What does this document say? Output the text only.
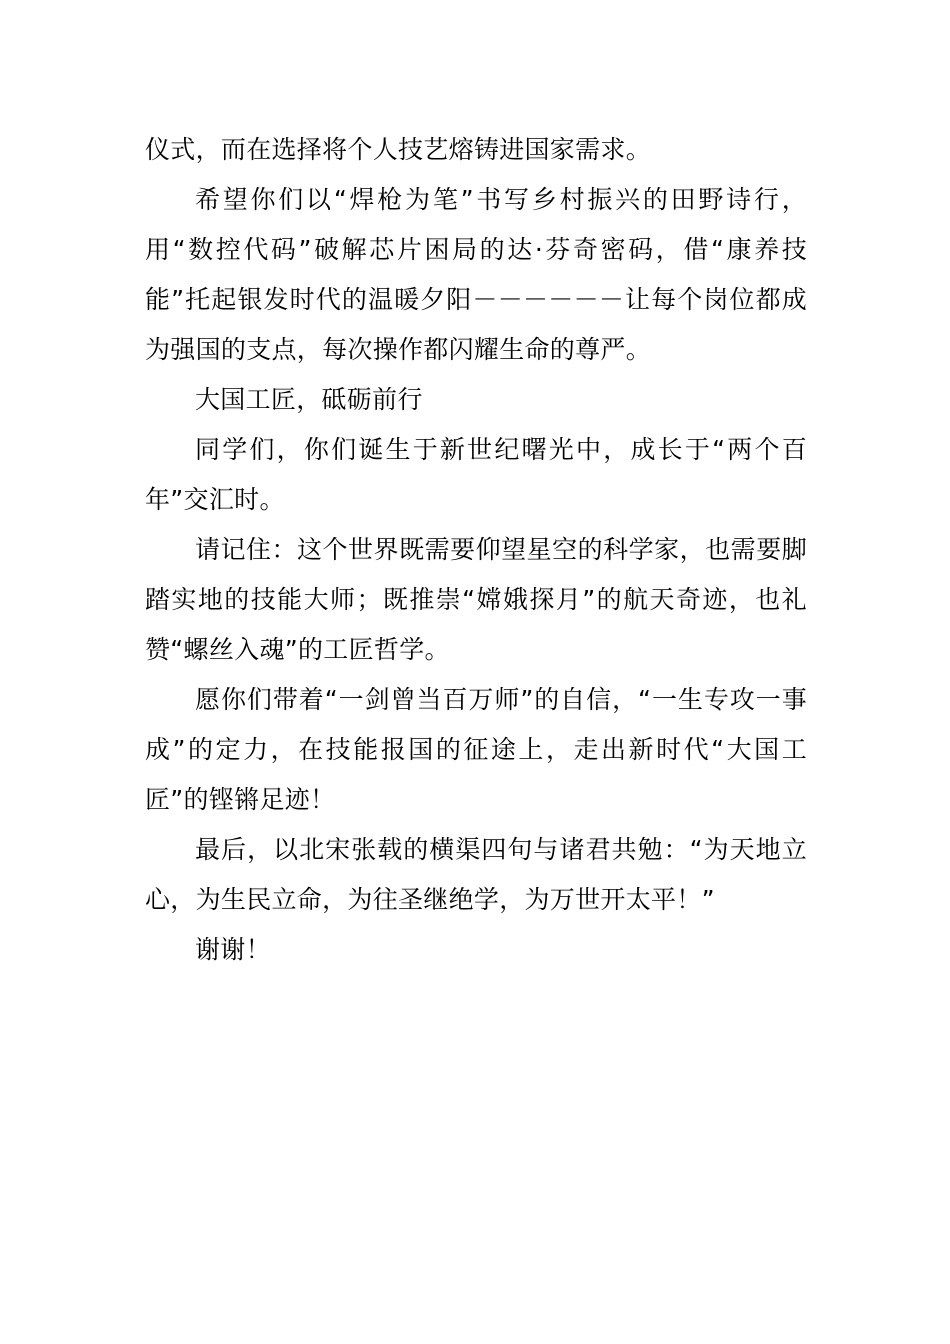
仪式，而在选择将个人技艺熔铸进国家需求。

希望你们以“焊枪为笔”书写乡村振兴的田野诗行，用“数控代码”破解芯片困局的达·芬奇密码，借“康养技能”托起银发时代的温暖夕阳－－－－－－让每个岗位都成为强国的支点，每次操作都闪耀生命的尊严。

大国工匠，砥砺前行

同学们，你们诞生于新世纪曙光中，成长于“两个百年”交汇时。

请记住：这个世界既需要仰望星空的科学家，也需要脚踏实地的技能大师；既推崇“嫦娥探月”的航天奇迹，也礼赞“螺丝入魂”的工匠哲学。

愿你们带着“一剑曾当百万师”的自信，“一生专攻一事成”的定力，在技能报国的征途上，走出新时代“大国工匠”的铿锵足迹！

最后，以北宋张载的横渠四句与诸君共勉：“为天地立心，为生民立命，为往圣继绝学，为万世开太平！”

谢谢！
